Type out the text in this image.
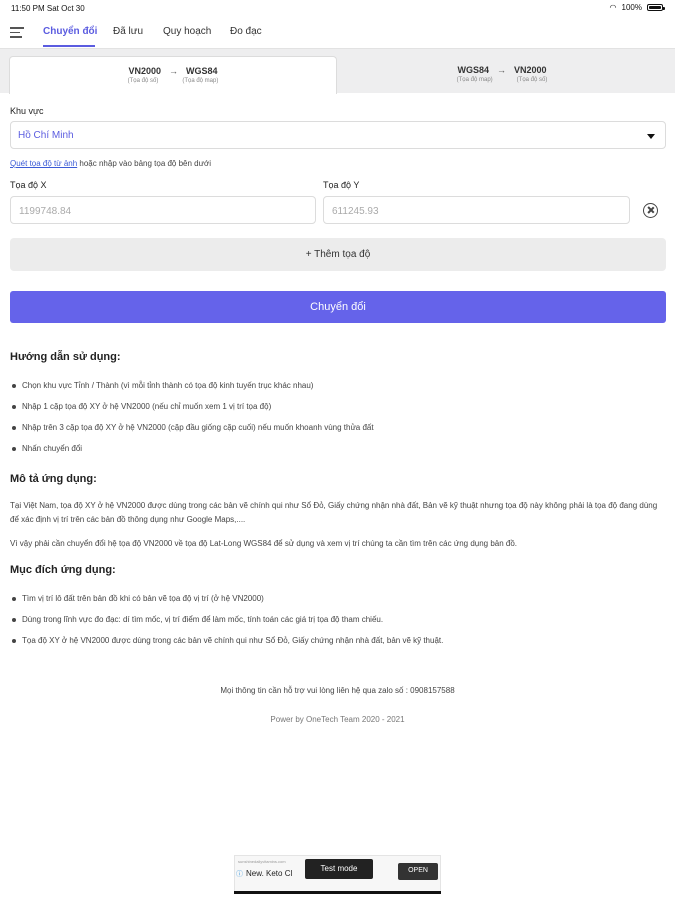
11:50 PM Sat Oct 30	◠ 100%
Chuyển đổi Đã lưu Quy hoạch Đo đạc
VN2000 → WGS84
(Tọa độ số)	(Tọa độ map)
WGS84 → VN2000
(Tọa độ map)	(Tọa độ số)
Khu vực
Hồ Chí Minh
Quét tọa độ từ ảnh hoặc nhập vào bảng tọa độ bên dưới
Tọa độ X	Tọa độ Y
1199748.84	611245.93
+ Thêm tọa độ
Chuyển đổi
Hướng dẫn sử dụng:
Chọn khu vực Tỉnh / Thành (vì mỗi tỉnh thành có tọa độ kinh tuyến trục khác nhau)
Nhập 1 cặp tọa độ XY ở hệ VN2000 (nếu chỉ muốn xem 1 vị trí tọa độ)
Nhập trên 3 cặp tọa độ XY ở hệ VN2000 (cặp đầu giống cặp cuối) nếu muốn khoanh vùng thửa đất
Nhấn chuyển đổi
Mô tả ứng dụng:
Tại Việt Nam, tọa độ XY ở hệ VN2000 được dùng trong các bản vẽ chính qui như Sổ Đỏ, Giấy chứng nhận nhà đất, Bản vẽ kỹ thuật nhưng tọa độ này không phải là tọa độ đang dùng để xác định vị trí trên các bản đồ thông dụng như Google Maps,....
Vì vậy phải cần chuyển đổi hệ tọa độ VN2000 về tọa độ Lat-Long WGS84 để sử dụng và xem vị trí chúng ta cần tìm trên các ứng dụng bản đồ.
Mục đích ứng dụng:
Tìm vị trí lô đất trên bản đồ khi có bản vẽ tọa độ vị trí (ở hệ VN2000)
Dùng trong lĩnh vực đo đạc: dí tìm mốc, vị trí điểm để làm mốc, tính toán các giá trị tọa độ tham chiếu.
Tọa độ XY ở hệ VN2000 được dùng trong các bản vẽ chính qui như Sổ Đỏ, Giấy chứng nhận nhà đất, bản vẽ kỹ thuật.
Mọi thông tin cần hỗ trợ vui lòng liên hệ qua zalo số : 0908157588
Power by OneTech Team 2020 - 2021
sunshinedailyvitamins.com
ⓘ New. Keto Cl
Test mode	OPEN
